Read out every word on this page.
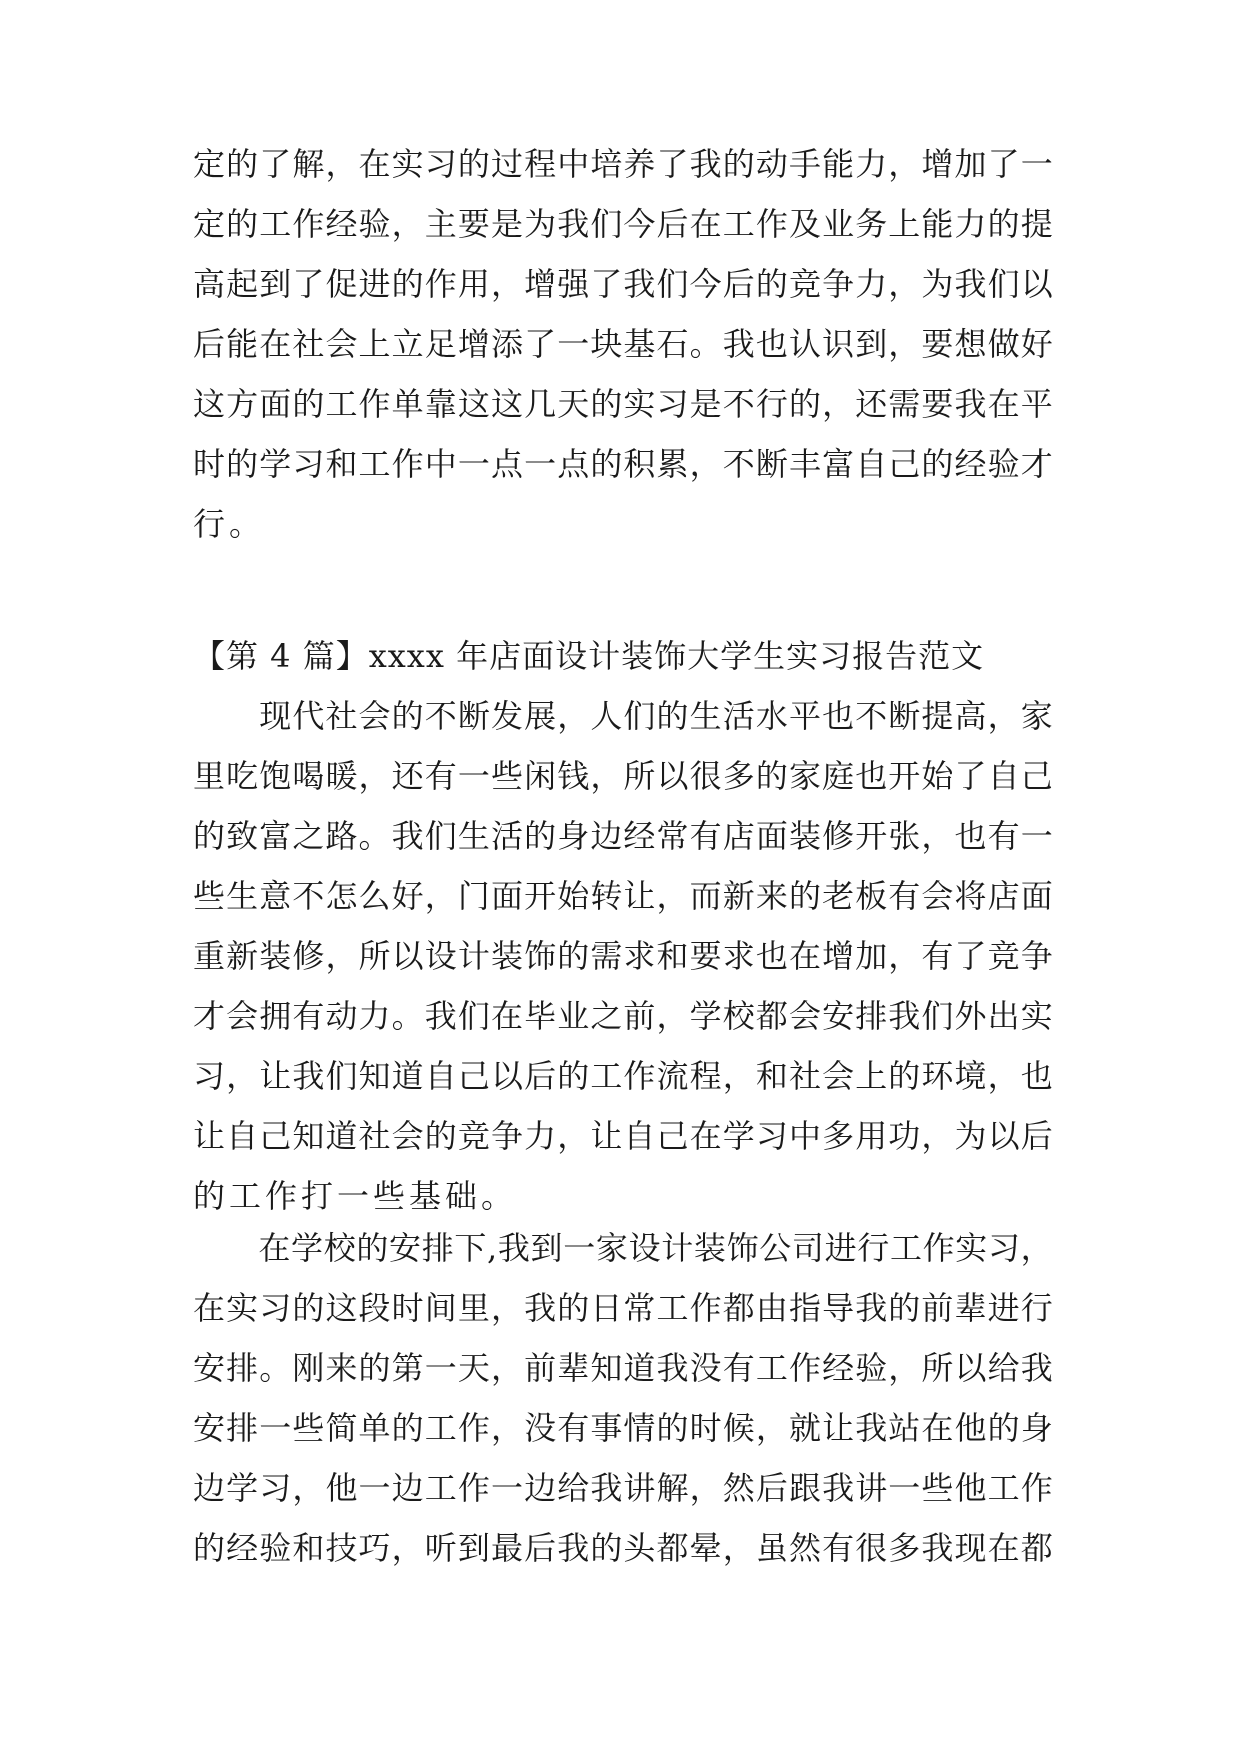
定 的 了 解 ， 在 实 习 的 过 程 中 培 养 了 我 的 动 手 能 力 ， 增 加 了 一
定 的 工 作 经 验 ， 主 要 是 为 我 们 今 后 在 工 作 及 业 务 上 能 力 的 提
高 起 到 了 促 进 的 作 用 ， 增 强 了 我 们 今 后 的 竞 争 力 ， 为 我 们 以
后 能 在 社 会 上 立 足 增 添 了 一 块 基 石 。 我 也 认 识 到 ， 要 想 做 好
这 方 面 的 工 作 单 靠 这 这 几 天 的 实 习 是 不 行 的 ， 还 需 要 我 在 平
时 的 学 习 和 工 作 中 一 点 一 点 的 积 累 ， 不 断 丰 富 自 己 的 经 验 才
行。
【第 4 篇】xxxx 年店面设计装饰大学生实习报告范文

现 代 社 会 的 不 断 发 展 ， 人 们 的 生 活 水 平 也 不 断 提 高 ， 家
里 吃 饱 喝 暖 ， 还 有 一 些 闲 钱 ， 所 以 很 多 的 家 庭 也 开 始 了 自 己
的 致 富 之 路 。 我 们 生 活 的 身 边 经 常 有 店 面 装 修 开 张 ， 也 有 一
些 生 意 不 怎 么 好 ， 门 面 开 始 转 让 ， 而 新 来 的 老 板 有 会 将 店 面
重 新 装 修 ， 所 以 设 计 装 饰 的 需 求 和 要 求 也 在 增 加 ， 有 了 竞 争
才 会 拥 有 动 力 。 我 们 在 毕 业 之 前 ， 学 校 都 会 安 排 我 们 外 出 实
习 ， 让 我 们 知 道 自 己 以 后 的 工 作 流 程 ， 和 社 会 上 的 环 境 ， 也
让 自 己 知 道 社 会 的 竞 争 力 ， 让 自 己 在 学 习 中 多 用 功 ， 为 以 后
的工作打一些基础。

在 学 校 的 安 排 下 , 我 到 一 家 设 计 装 饰 公 司 进 行 工 作 实 习 ，
在 实 习 的 这 段 时 间 里 ， 我 的 日 常 工 作 都 由 指 导 我 的 前 辈 进 行
安 排 。 刚 来 的 第 一 天 ， 前 辈 知 道 我 没 有 工 作 经 验 ， 所 以 给 我
安 排 一 些 简 单 的 工 作 ， 没 有 事 情 的 时 候 ， 就 让 我 站 在 他 的 身
边 学 习 ， 他 一 边 工 作 一 边 给 我 讲 解 ， 然 后 跟 我 讲 一 些 他 工 作
的 经 验 和 技 巧 ， 听 到 最 后 我 的 头 都 晕 ， 虽 然 有 很 多 我 现 在 都
